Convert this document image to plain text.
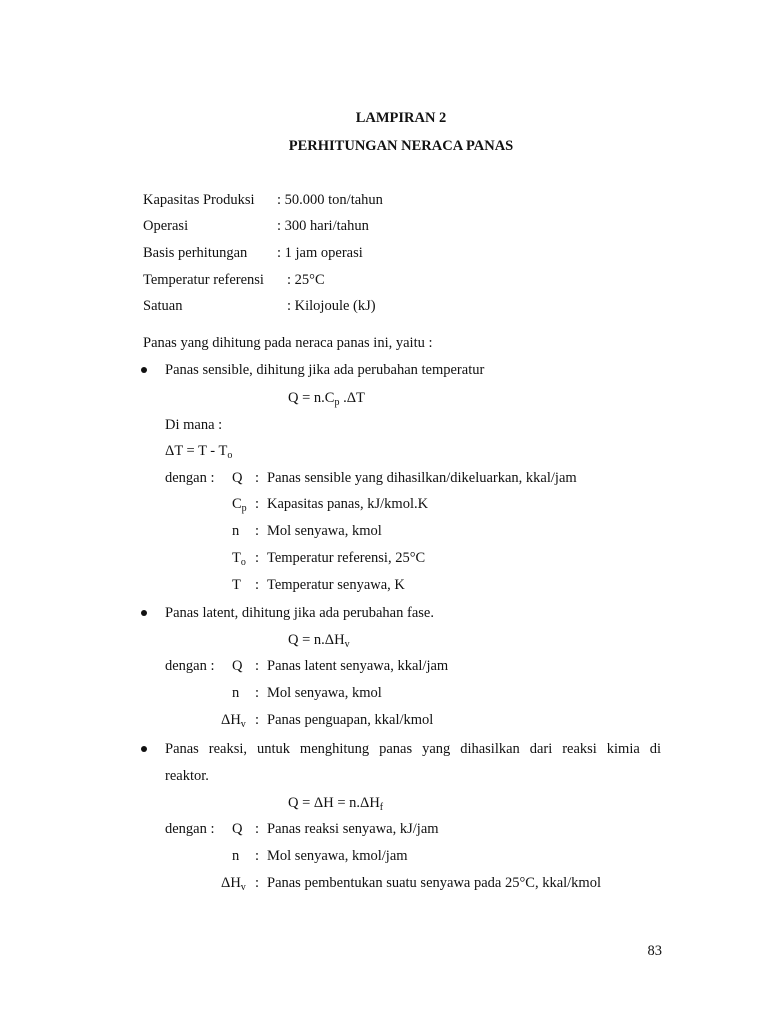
LAMPIRAN 2
PERHITUNGAN NERACA PANAS
Kapasitas Produksi : 50.000 ton/tahun
Operasi	: 300 hari/tahun
Basis perhitungan : 1 jam operasi
Temperatur referensi : 25°C
Satuan	: Kilojoule (kJ)
Panas yang dihitung pada neraca panas ini, yaitu :
Panas sensible, dihitung jika ada perubahan temperatur
$Q = n.C_p$ .ΔT
Di mana :
$\Delta T = T - T_o$
dengan : Q : Panas sensible yang dihasilkan/dikeluarkan, kkal/jam
$C_p$ : Kapasitas panas, kJ/kmol.K
n : Mol senyawa, kmol
$T_o$ : Temperatur referensi, 25°C
T : Temperatur senyawa, K
Panas latent, dihitung jika ada perubahan fase.
$Q = n.\Delta H_v$
dengan : Q : Panas latent senyawa, kkal/jam
n : Mol senyawa, kmol
$\Delta H_v$ : Panas penguapan, kkal/kmol
Panas reaksi, untuk menghitung panas yang dihasilkan dari reaksi kimia di
reaktor.
$Q = \Delta H = n.\Delta H_f$
dengan : Q : Panas reaksi senyawa, kJ/jam
n : Mol senyawa, kmol/jam
$\Delta H_v$ : Panas pembentukan suatu senyawa pada 25°C, kkal/kmol
83
